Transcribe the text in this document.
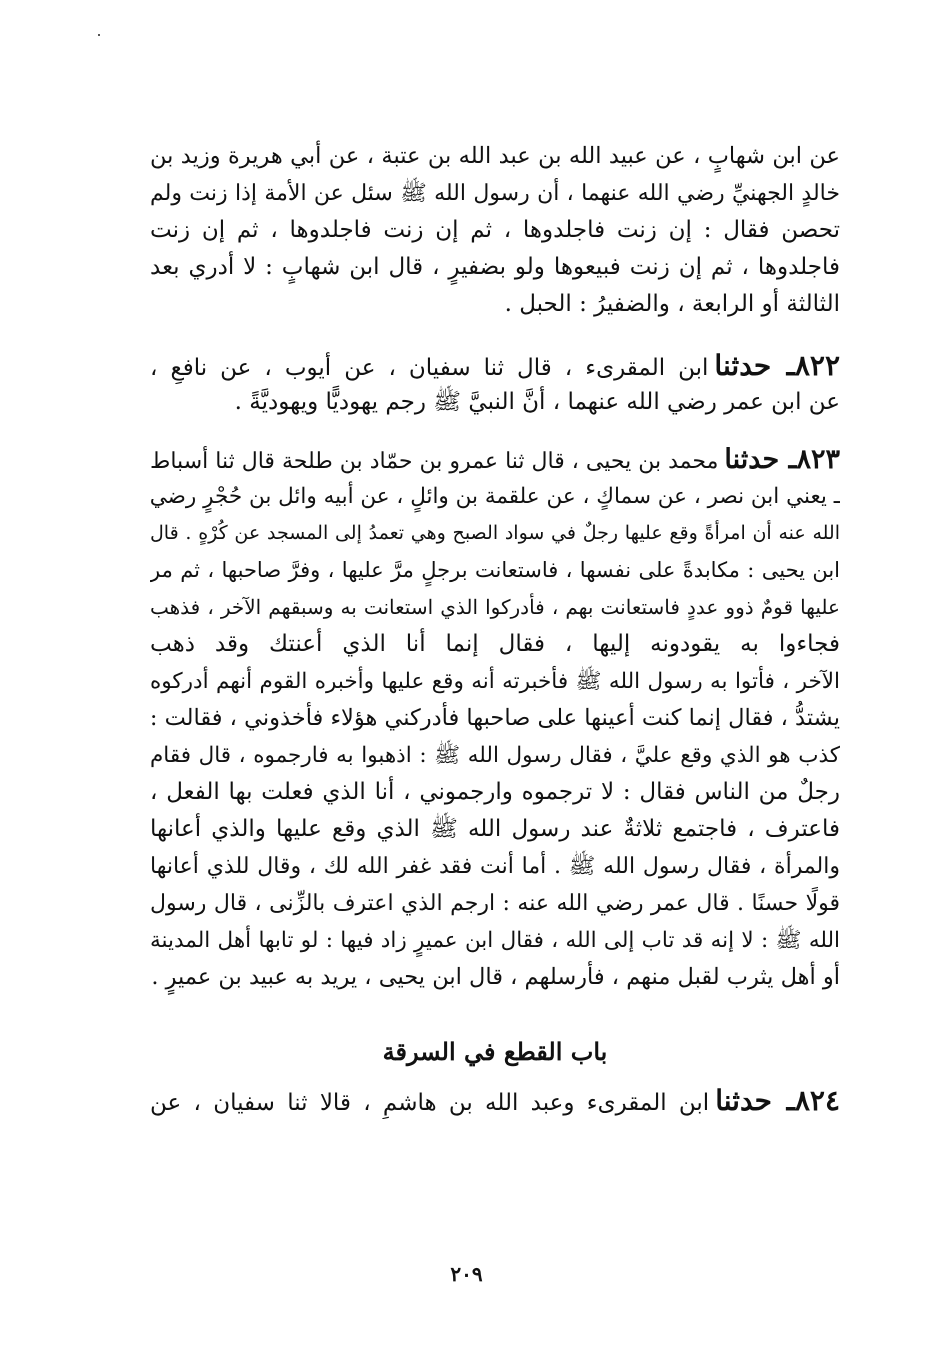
عن ابن شهابٍ ، عن عبيد الله بن عبد الله بن عتبة ، عن أبي هريرة وزيد بن
خالدٍ الجهنيِّ رضي الله عنهما ، أن رسول الله ﷺ سئل عن الأمة إذا زنت ولم
تحصن فقال : إن زنت فاجلدوها ، ثم إن زنت فاجلدوها ، ثم إن زنت
فاجلدوها ، ثم إن زنت فبيعوها ولو بضفيرٍ ، قال ابن شهابٍ : لا أدري بعد
الثالثة أو الرابعة ، والضفيرُ : الحبل .
٨٢٢ـ حدثناابن المقرىء ، قال ثنا سفيان ، عن أيوب ، عن نافعٍ ،
عن ابن عمر رضي الله عنهما ، أنَّ النبيَّ ﷺ رجم يهوديًّا ويهوديَّةً .
٨٢٣ـ حدثنامحمد بن يحيى ، قال ثنا عمرو بن حمّاد بن طلحة قال ثنا أسباط
ـ يعني ابن نصر ، عن سماكٍ ، عن علقمة بن وائلٍ ، عن أبيه وائل بن حُجْرٍ رضي
الله عنه أن امرأةً وقع عليها رجلٌ في سواد الصبح وهي تعمدُ إلى المسجد عن كُرْهٍ . قال
ابن يحيى : مكابدةً على نفسها ، فاستعانت برجلٍ مرَّ عليها ، وفرَّ صاحبها ، ثم مر
عليها قومٌ ذوو عددٍ فاستعانت بهم ، فأدركوا الذي استعانت به وسبقهم الآخر ، فذهب
فجاءوا به يقودونه إليها ، فقال إنما أنا الذي أعنتك وقد ذهب
الآخر ، فأتوا به رسول الله ﷺ فأخبرته أنه وقع عليها وأخبره القوم أنهم أدركوه
يشتدُّ ، فقال إنما كنت أعينها على صاحبها فأدركني هؤلاء فأخذوني ، فقالت :
كذب هو الذي وقع عليَّ ، فقال رسول الله ﷺ : اذهبوا به فارجموه ، قال فقام
رجلٌ من الناس فقال : لا ترجموه وارجموني ، أنا الذي فعلت بها الفعل ،
فاعترف ، فاجتمع ثلاثةٌ عند رسول الله ﷺ الذي وقع عليها والذي أعانها
والمرأة ، فقال رسول الله ﷺ . أما أنت فقد غفر الله لك ، وقال للذي أعانها
قولًا حسنًا . قال عمر رضي الله عنه : ارجم الذي اعترف بالزِّنى ، قال رسول
الله ﷺ : لا إنه قد تاب إلى الله ، فقال ابن عميرٍ زاد فيها : لو تابها أهل المدينة
أو أهل يثرب لقبل منهم ، فأرسلهم ، قال ابن يحيى ، يريد به عبيد بن عميرٍ .
باب القطع في السرقة
٨٢٤ـ حدثناابن المقرىء وعبد الله بن هاشمٍ ، قالا ثنا سفيان ، عن
٢٠٩
